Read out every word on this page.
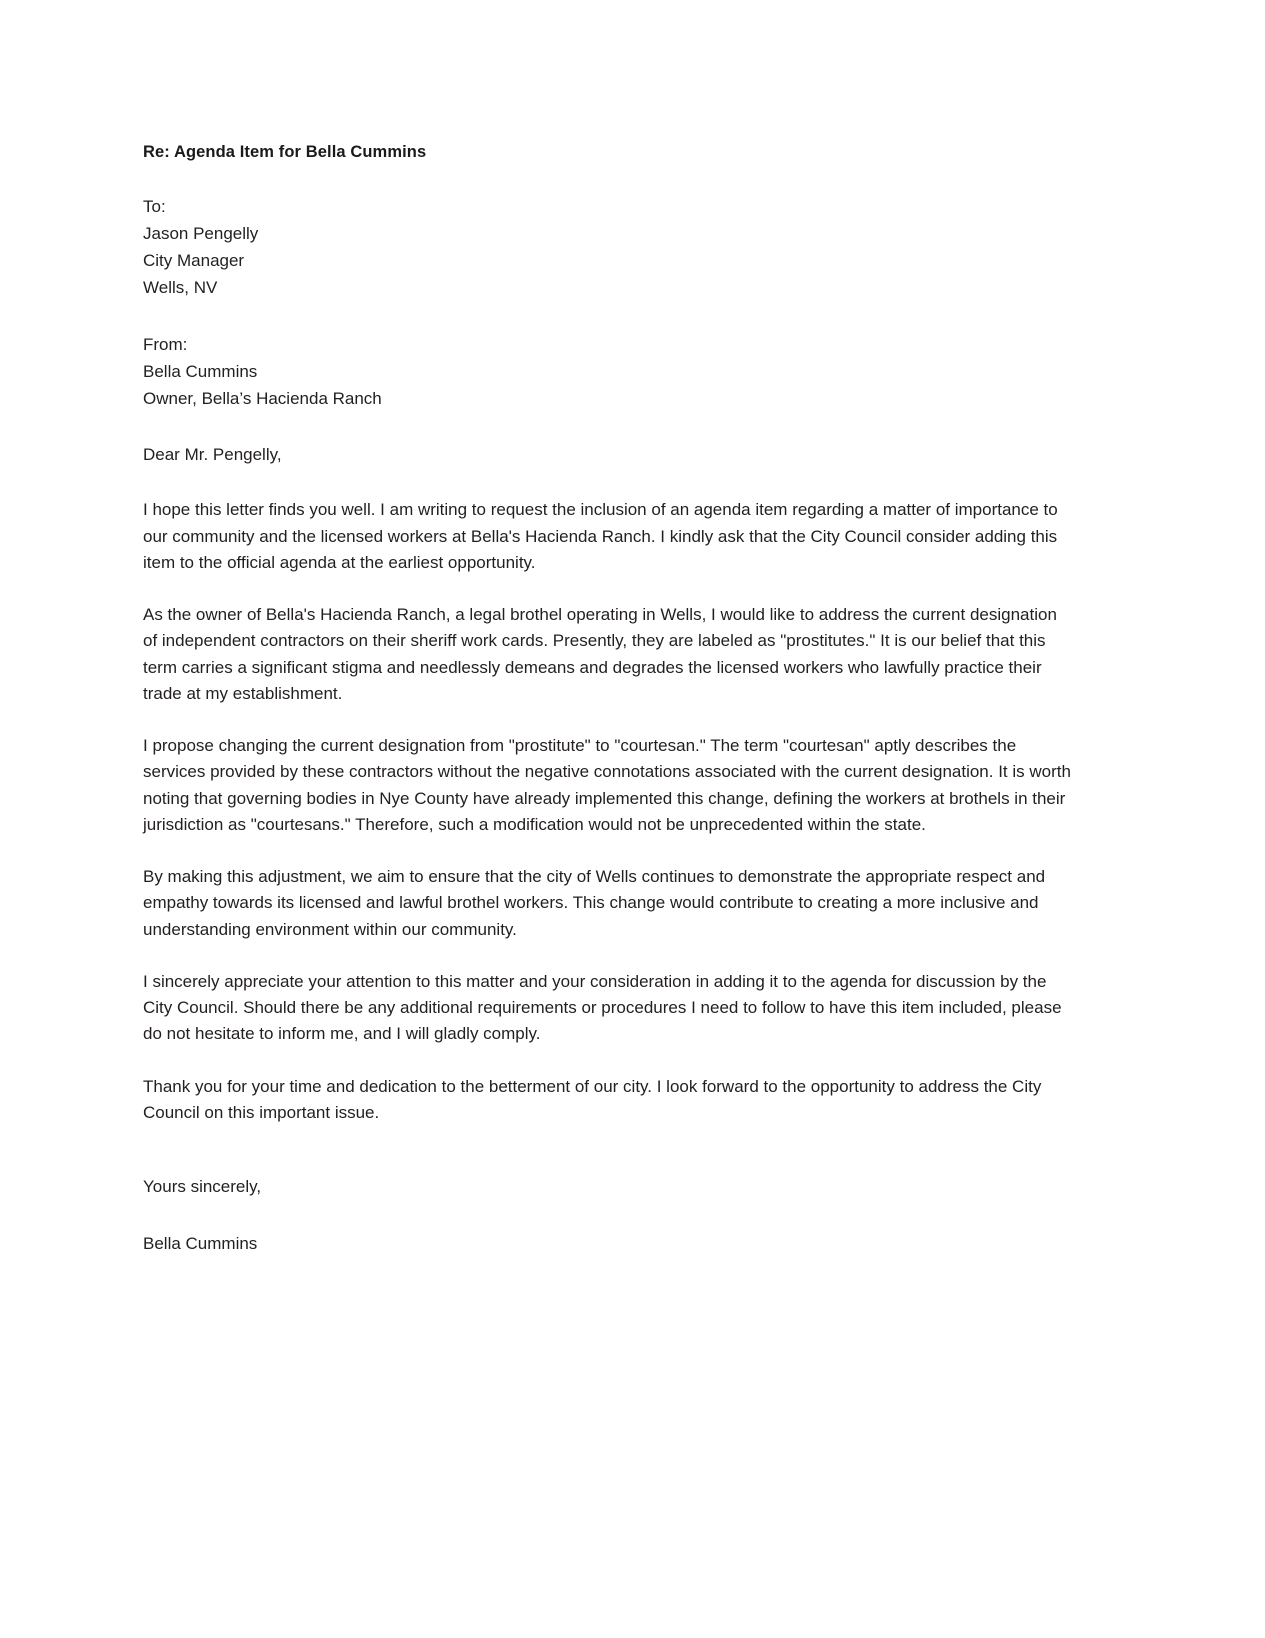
Re: Agenda Item for Bella Cummins
To:
Jason Pengelly
City Manager
Wells, NV
From:
Bella Cummins
Owner, Bella’s Hacienda Ranch
Dear Mr. Pengelly,

I hope this letter finds you well. I am writing to request the inclusion of an agenda item regarding a matter of importance to our community and the licensed workers at Bella's Hacienda Ranch. I kindly ask that the City Council consider adding this item to the official agenda at the earliest opportunity.

As the owner of Bella's Hacienda Ranch, a legal brothel operating in Wells, I would like to address the current designation of independent contractors on their sheriff work cards. Presently, they are labeled as "prostitutes." It is our belief that this term carries a significant stigma and needlessly demeans and degrades the licensed workers who lawfully practice their trade at my establishment.

I propose changing the current designation from "prostitute" to "courtesan." The term "courtesan" aptly describes the services provided by these contractors without the negative connotations associated with the current designation. It is worth noting that governing bodies in Nye County have already implemented this change, defining the workers at brothels in their jurisdiction as "courtesans." Therefore, such a modification would not be unprecedented within the state.

By making this adjustment, we aim to ensure that the city of Wells continues to demonstrate the appropriate respect and empathy towards its licensed and lawful brothel workers. This change would contribute to creating a more inclusive and understanding environment within our community.

I sincerely appreciate your attention to this matter and your consideration in adding it to the agenda for discussion by the City Council. Should there be any additional requirements or procedures I need to follow to have this item included, please do not hesitate to inform me, and I will gladly comply.

Thank you for your time and dedication to the betterment of our city. I look forward to the opportunity to address the City Council on this important issue.

Yours sincerely,
Bella Cummins
